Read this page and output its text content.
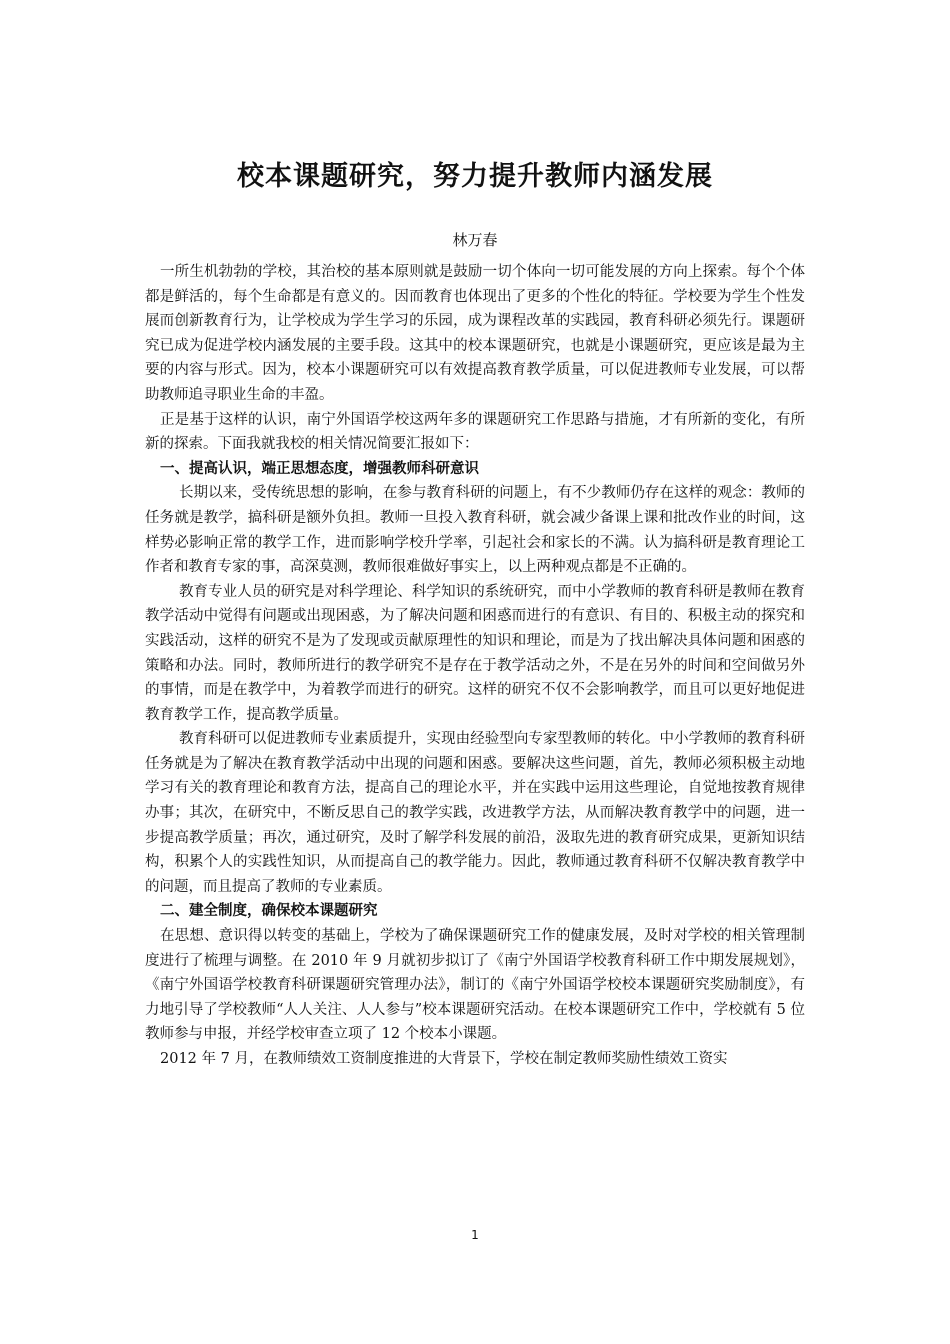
校本课题研究，努力提升教师内涵发展
林万春

一所生机勃勃的学校，其治校的基本原则就是鼓励一切个体向一切可能发展的方向上探索。每个个体都是鲜活的，每个生命都是有意义的。因而教育也体现出了更多的个性化的特征。学校要为学生个性发展而创新教育行为，让学校成为学生学习的乐园，成为课程改革的实践园，教育科研必须先行。课题研究已成为促进学校内涵发展的主要手段。这其中的校本课题研究，也就是小课题研究，更应该是最为主要的内容与形式。因为，校本小课题研究可以有效提高教育教学质量，可以促进教师专业发展，可以帮助教师追寻职业生命的丰盈。

正是基于这样的认识，南宁外国语学校这两年多的课题研究工作思路与措施，才有所新的变化，有所新的探索。下面我就我校的相关情况简要汇报如下：

一、提高认识，端正思想态度，增强教师科研意识

长期以来，受传统思想的影响，在参与教育科研的问题上，有不少教师仍存在这样的观念：教师的任务就是教学，搞科研是额外负担。教师一旦投入教育科研，就会减少备课上课和批改作业的时间，这样势必影响正常的教学工作，进而影响学校升学率，引起社会和家长的不满。认为搞科研是教育理论工作者和教育专家的事，高深莫测，教师很难做好事实上，以上两种观点都是不正确的。

教育专业人员的研究是对科学理论、科学知识的系统研究，而中小学教师的教育科研是教师在教育教学活动中觉得有问题或出现困惑，为了解决问题和困惑而进行的有意识、有目的、积极主动的探究和实践活动，这样的研究不是为了发现或贡献原理性的知识和理论，而是为了找出解决具体问题和困惑的策略和办法。同时，教师所进行的教学研究不是存在于教学活动之外，不是在另外的时间和空间做另外的事情，而是在教学中，为着教学而进行的研究。这样的研究不仅不会影响教学，而且可以更好地促进教育教学工作，提高教学质量。

教育科研可以促进教师专业素质提升，实现由经验型向专家型教师的转化。中小学教师的教育科研任务就是为了解决在教育教学活动中出现的问题和困惑。要解决这些问题，首先，教师必须积极主动地学习有关的教育理论和教育方法，提高自己的理论水平，并在实践中运用这些理论，自觉地按教育规律办事；其次，在研究中，不断反思自己的教学实践，改进教学方法，从而解决教育教学中的问题，进一步提高教学质量；再次，通过研究，及时了解学科发展的前沿，汲取先进的教育研究成果，更新知识结构，积累个人的实践性知识，从而提高自己的教学能力。因此，教师通过教育科研不仅解决教育教学中的问题，而且提高了教师的专业素质。

二、建全制度，确保校本课题研究

在思想、意识得以转变的基础上，学校为了确保课题研究工作的健康发展，及时对学校的相关管理制度进行了梳理与调整。在 2010 年 9 月就初步拟订了《南宁外国语学校教育科研工作中期发展规划》，《南宁外国语学校教育科研课题研究管理办法》，制订的《南宁外国语学校校本课题研究奖励制度》，有力地引导了学校教师“人人关注、人人参与”校本课题研究活动。在校本课题研究工作中，学校就有 5 位教师参与申报，并经学校审查立项了 12 个校本小课题。

2012 年 7 月，在教师绩效工资制度推进的大背景下，学校在制定教师奖励性绩效工资实

1
